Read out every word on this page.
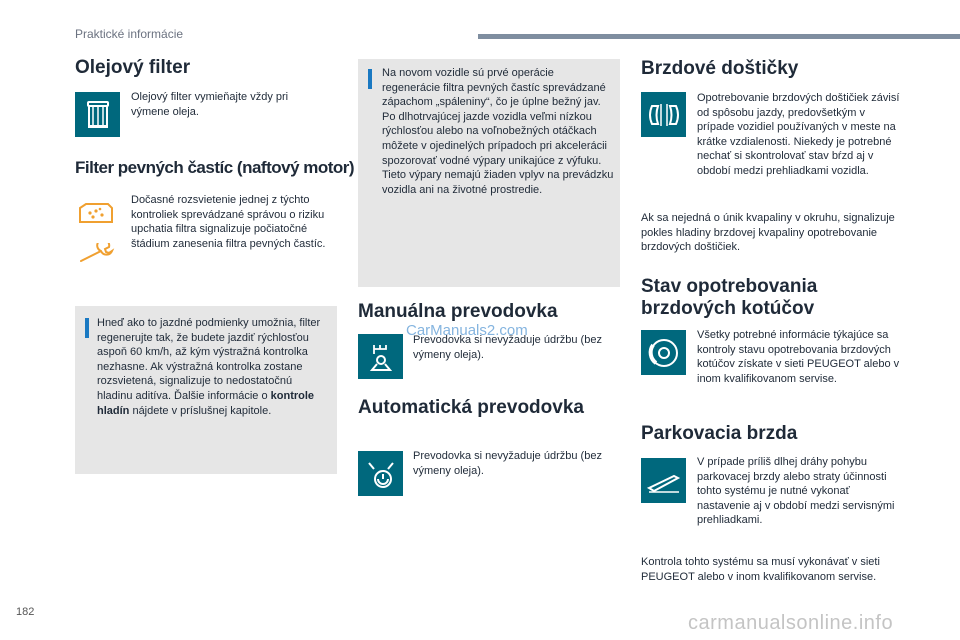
Praktické informácie
Olejový filter
Olejový filter vymieňajte vždy pri výmene oleja.
Filter pevných častíc (naftový motor)
Dočasné rozsvietenie jednej z týchto kontroliek sprevádzané správou o riziku upchatia filtra signalizuje počiatočné štádium zanesenia filtra pevných častíc.
Hneď ako to jazdné podmienky umožnia, filter regenerujte tak, že budete jazdiť rýchlosťou aspoň 60 km/h, až kým výstražná kontrolka nezhasne. Ak výstražná kontrolka zostane rozsvietená, signalizuje to nedostatočnú hladinu aditíva. Ďalšie informácie o kontrole hladín nájdete v príslušnej kapitole.
Na novom vozidle sú prvé operácie regenerácie filtra pevných častíc sprevádzané zápachom „spáleniny“, čo je úplne bežný jav. Po dlhotrvajúcej jazde vozidla veľmi nízkou rýchlosťou alebo na voľnobežných otáčkach môžete v ojedinelých prípadoch pri akcelerácii spozorovať vodné výpary unikajúce z výfuku. Tieto výpary nemajú žiaden vplyv na prevádzku vozidla ani na životné prostredie.
Manuálna prevodovka
CarManuals2.com
Prevodovka si nevyžaduje údržbu (bez výmeny oleja).
Automatická prevodovka
Prevodovka si nevyžaduje údržbu (bez výmeny oleja).
Brzdové doštičky
Opotrebovanie brzdových doštičiek závisí od spôsobu jazdy, predovšetkým v prípade vozidiel používaných v meste na krátke vzdialenosti. Niekedy je potrebné nechať si skontrolovať stav bŕzd aj v období medzi prehliadkami vozidla.
Ak sa nejedná o únik kvapaliny v okruhu, signalizuje pokles hladiny brzdovej kvapaliny opotrebovanie brzdových doštičiek.
Stav opotrebovania brzdových kotúčov
Všetky potrebné informácie týkajúce sa kontroly stavu opotrebovania brzdových kotúčov získate v sieti PEUGEOT alebo v inom kvalifikovanom servise.
Parkovacia brzda
V prípade príliš dlhej dráhy pohybu parkovacej brzdy alebo straty účinnosti tohto systému je nutné vykonať nastavenie aj v období medzi servisnými prehliadkami.
Kontrola tohto systému sa musí vykonávať v sieti PEUGEOT alebo v inom kvalifikovanom servise.
182	carmanualsonline.info
